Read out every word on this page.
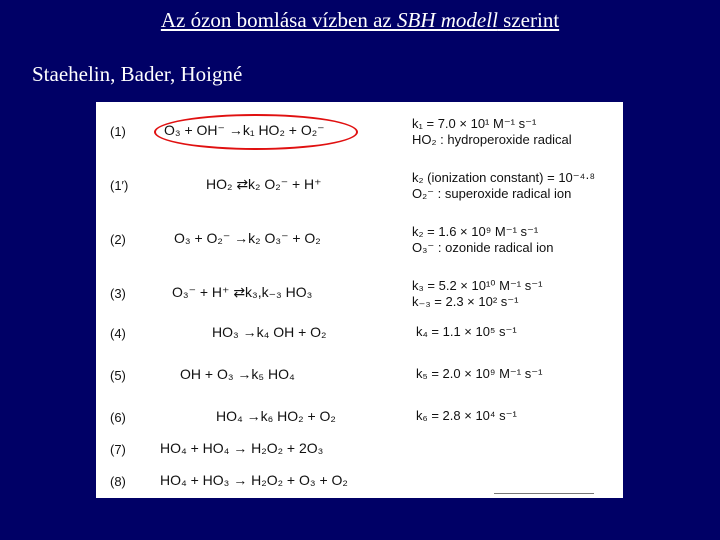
Az ózon bomlása vízben az SBH modell szerint
Staehelin, Bader, Hoigné
(1)	O₃ + OH⁻ →k₁ HO₂ + O₂⁻	k₁ = 7.0 × 10¹ M⁻¹ s⁻¹
HO₂ : hydroperoxide radical
(1′)	HO₂ ⇄k₂ O₂⁻ + H⁺	k₂ (ionization constant) = 10⁻⁴·⁸
O₂⁻ : superoxide radical ion
(2)	O₃ + O₂⁻ →k₂ O₃⁻ + O₂	k₂ = 1.6 × 10⁹ M⁻¹ s⁻¹
O₃⁻ : ozonide radical ion
(3)	O₃⁻ + H⁺ ⇄k₃,k₋₃ HO₃	k₃ = 5.2 × 10¹⁰ M⁻¹ s⁻¹
k₋₃ = 2.3 × 10² s⁻¹
(4)	HO₃ →k₄ OH + O₂	k₄ = 1.1 × 10⁵ s⁻¹
(5)	OH + O₃ →k₅ HO₄	k₅ = 2.0 × 10⁹ M⁻¹ s⁻¹
(6)	HO₄ →k₆ HO₂ + O₂	k₆ = 2.8 × 10⁴ s⁻¹
(7) HO₄ + HO₄ → H₂O₂ + 2O₃
(8) HO₄ + HO₃ → H₂O₂ + O₃ + O₂
